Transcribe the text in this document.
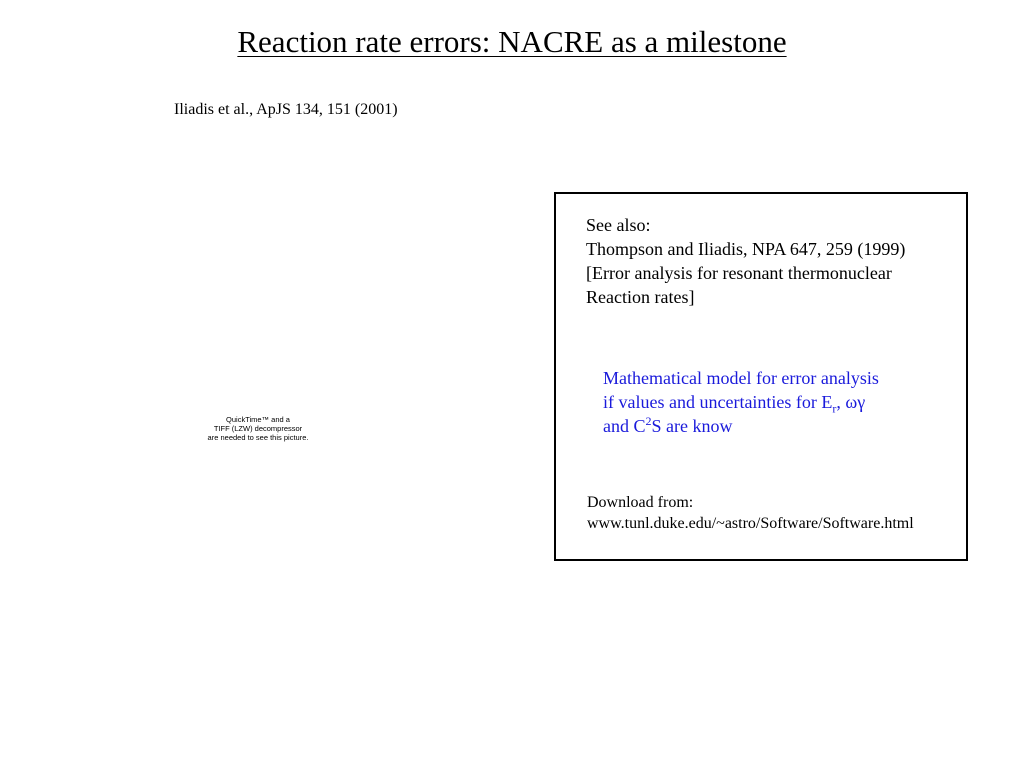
Reaction rate errors: NACRE as a milestone
Iliadis et al., ApJS 134, 151 (2001)
QuickTime™ and a
TIFF (LZW) decompressor
are needed to see this picture.
See also:
Thompson and Iliadis, NPA 647, 259 (1999)
[Error analysis for resonant thermonuclear
Reaction rates]
Mathematical model for error analysis
if values and uncertainties for $E_r$, ωγ
and $C^2S$ are know
Download from:
www.tunl.duke.edu/~astro/Software/Software.html
